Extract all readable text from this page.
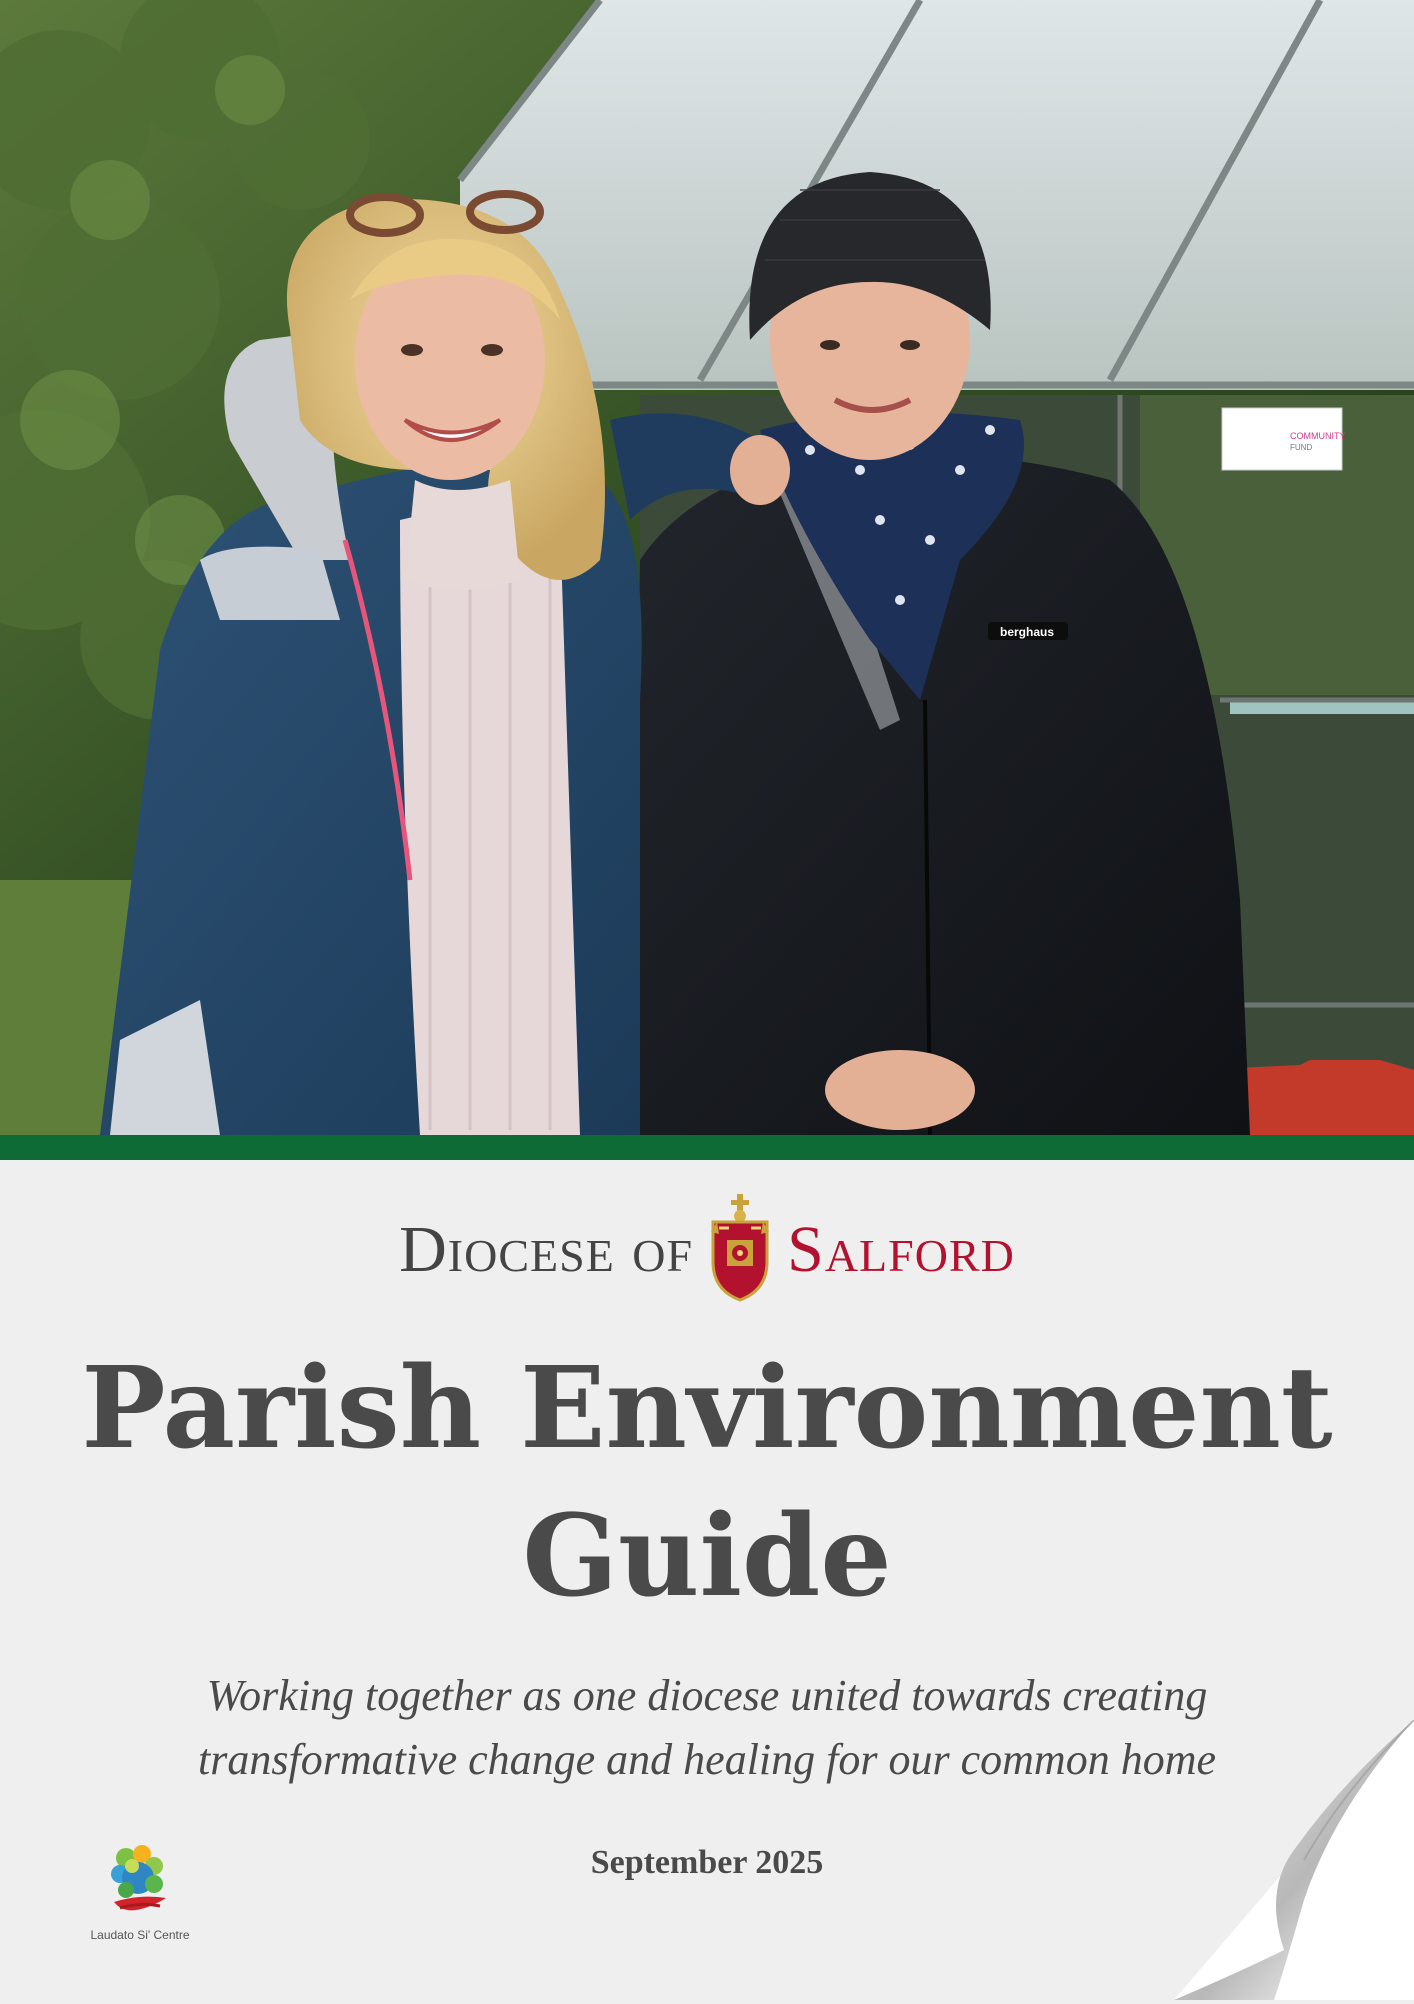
COMMUNITY
FUND
berghaus
Diocese of Salford
Parish Environment
Guide
Working together as one diocese united towards creating
transformative change and healing for our common home
September 2025
Laudato Si' Centre
